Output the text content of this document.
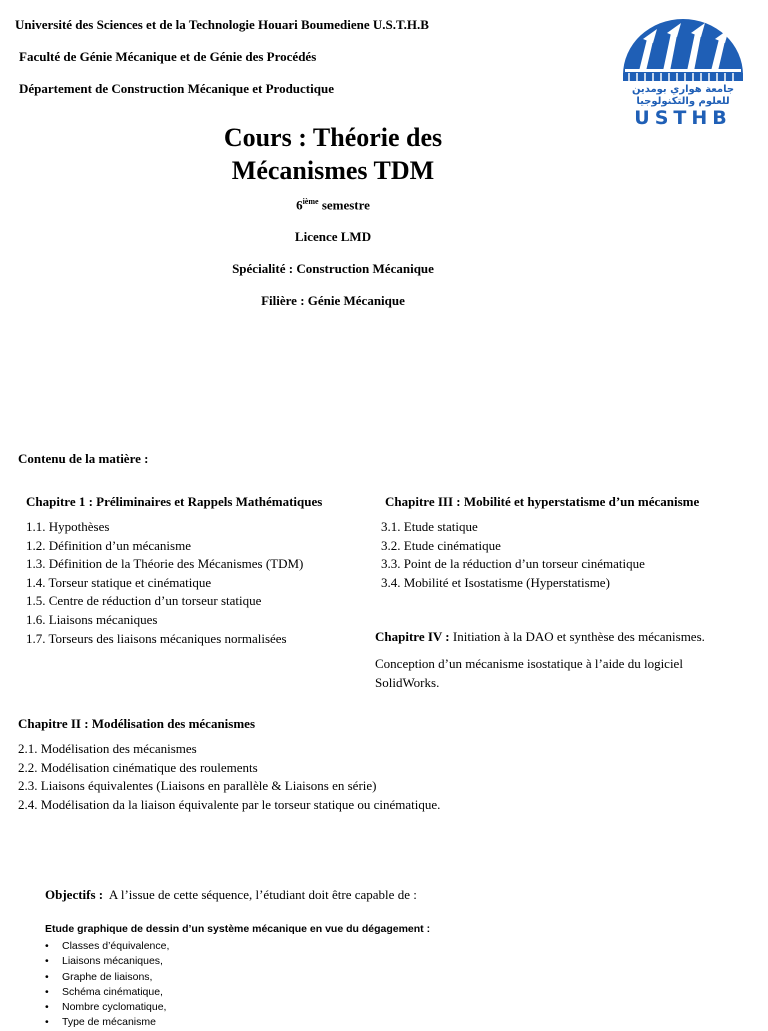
Université des Sciences et de la Technologie Houari Boumediene U.S.T.H.B
Faculté de Génie Mécanique et de Génie des Procédés
Département de Construction Mécanique et Productique	جامعة هواري بومدين
للعلوم والتكنولوجيا
USTHB
Cours : Théorie des
Mécanismes TDM
6ième semestre
Licence LMD
Spécialité : Construction Mécanique
Filière : Génie Mécanique
Contenu de la matière :
Chapitre 1 : Préliminaires et Rappels Mathématiques
1.1. Hypothèses
1.2. Définition d’un mécanisme
1.3. Définition de la Théorie des Mécanismes (TDM)
1.4. Torseur statique et cinématique
1.5. Centre de réduction d’un torseur statique
1.6. Liaisons mécaniques
1.7. Torseurs des liaisons mécaniques normalisées
Chapitre III : Mobilité et hyperstatisme d’un mécanisme
3.1. Etude statique
3.2. Etude cinématique
3.3. Point de la réduction d’un torseur cinématique
3.4. Mobilité et Isostatisme (Hyperstatisme)
Chapitre IV : Initiation à la DAO et synthèse des mécanismes.
Conception d’un mécanisme isostatique à l’aide du logiciel
SolidWorks.
Chapitre II : Modélisation des mécanismes
2.1. Modélisation des mécanismes
2.2. Modélisation cinématique des roulements
2.3. Liaisons équivalentes (Liaisons en parallèle & Liaisons en série)
2.4. Modélisation da la liaison équivalente par le torseur statique ou cinématique.
Objectifs : A l’issue de cette séquence, l’étudiant doit être capable de :
Etude graphique de dessin d’un système mécanique en vue du dégagement :
• Classes d’équivalence,
• Liaisons mécaniques,
• Graphe de liaisons,
• Schéma cinématique,
• Nombre cyclomatique,
• Type de mécanisme
